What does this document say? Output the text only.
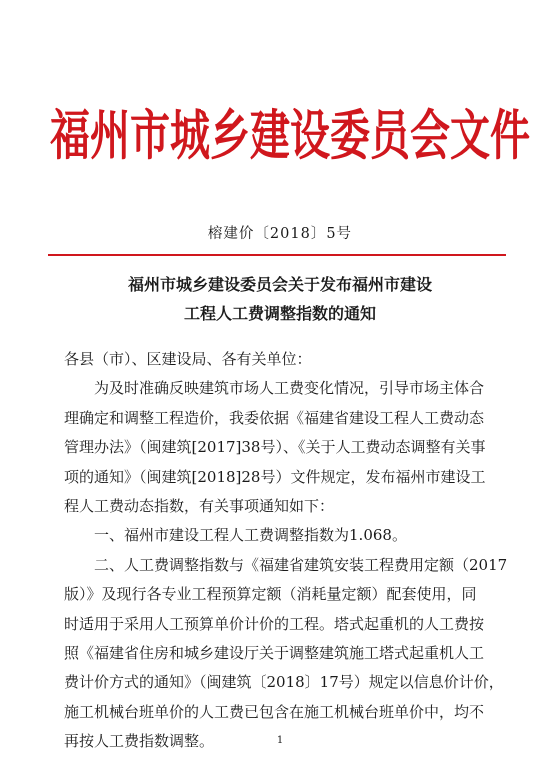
福州市城乡建设委员会文件
榕建价〔2018〕5号
福州市城乡建设委员会关于发布福州市建设
工程人工费调整指数的通知
各县（市）、区建设局、各有关单位：
为及时准确反映建筑市场人工费变化情况，引导市场主体合
理确定和调整工程造价，我委依据《福建省建设工程人工费动态
管理办法》（闽建筑[2017]38号）、《关于人工费动态调整有关事
项的通知》（闽建筑[2018]28号）文件规定，发布福州市建设工
程人工费动态指数，有关事项通知如下：
一、福州市建设工程人工费调整指数为1.068。
二、人工费调整指数与《福建省建筑安装工程费用定额（2017
版）》及现行各专业工程预算定额（消耗量定额）配套使用，同
时适用于采用人工预算单价计价的工程。塔式起重机的人工费按
照《福建省住房和城乡建设厅关于调整建筑施工塔式起重机人工
费计价方式的通知》（闽建筑〔2018〕17号）规定以信息价计价，
施工机械台班单价的人工费已包含在施工机械台班单价中，均不
再按人工费指数调整。	1
